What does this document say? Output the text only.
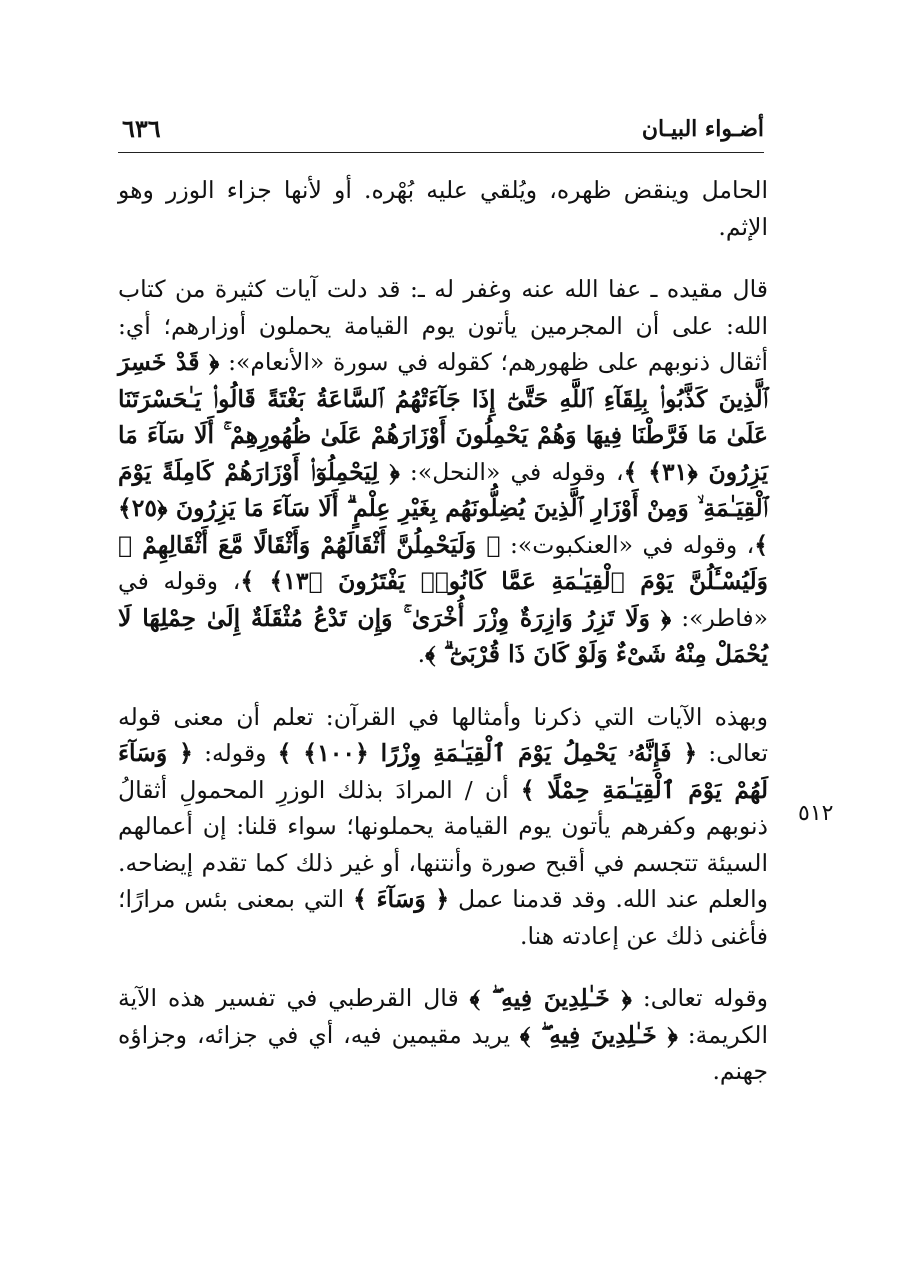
أضـواء البيـان
٦٣٦

الحامل وينقض ظهره، ويُلقي عليه بُهْره. أو لأنها جزاء الوزر وهو الإثم.

قال مقيده ـ عفا الله عنه وغفر له ـ: قد دلت آيات كثيرة من كتاب الله: على أن المجرمين يأتون يوم القيامة يحملون أوزارهم؛ أي: أثقال ذنوبهم على ظهورهم؛ كقوله في سورة «الأنعام»: ﴿ قَدْ خَسِرَ ٱلَّذِينَ كَذَّبُوا۟ بِلِقَآءِ ٱللَّهِ حَتَّىٰٓ إِذَا جَآءَتْهُمُ ٱلسَّاعَةُ بَغْتَةً قَالُوا۟ يَـٰحَسْرَتَنَا عَلَىٰ مَا فَرَّطْنَا فِيهَا وَهُمْ يَحْمِلُونَ أَوْزَارَهُمْ عَلَىٰ ظُهُورِهِمْ ۚ أَلَا سَآءَ مَا يَزِرُونَ ﴿٣١﴾ ﴾، وقوله في «النحل»: ﴿ لِيَحْمِلُوٓا۟ أَوْزَارَهُمْ كَامِلَةً يَوْمَ ٱلْقِيَـٰمَةِ ۙ وَمِنْ أَوْزَارِ ٱلَّذِينَ يُضِلُّونَهُم بِغَيْرِ عِلْمٍ ۗ أَلَا سَآءَ مَا يَزِرُونَ ﴿٢٥﴾ ﴾، وقوله في «العنكبوت»: ﴿ وَلَيَحْمِلُنَّ أَثْقَالَهُمْ وَأَثْقَالًا مَّعَ أَثْقَالِهِمْ ۖ وَلَيُسْـَٔلُنَّ يَوْمَ ٱلْقِيَـٰمَةِ عَمَّا كَانُوا۟ يَفْتَرُونَ ﴿١٣﴾ ﴾، وقوله في «فاطر»: ﴿ وَلَا تَزِرُ وَازِرَةٌ وِزْرَ أُخْرَىٰ ۚ وَإِن تَدْعُ مُثْقَلَةٌ إِلَىٰ حِمْلِهَا لَا يُحْمَلْ مِنْهُ شَىْءٌ وَلَوْ كَانَ ذَا قُرْبَىٰٓ ۗ ﴾.

وبهذه الآيات التي ذكرنا وأمثالها في القرآن: تعلم أن معنى قوله تعالى: ﴿ فَإِنَّهُۥ يَحْمِلُ يَوْمَ ٱلْقِيَـٰمَةِ وِزْرًا ﴿١٠٠﴾ ﴾ وقوله: ﴿ وَسَآءَ لَهُمْ يَوْمَ ٱلْقِيَـٰمَةِ حِمْلًا ﴾ أن / المرادَ بذلك الوزرِ المحمولِ أثقالُ ذنوبهم وكفرهم يأتون يوم القيامة يحملونها؛ سواء قلنا: إن أعمالهم السيئة تتجسم في أقبح صورة وأنتنها، أو غير ذلك كما تقدم إيضاحه. والعلم عند الله. وقد قدمنا عمل ﴿ وَسَآءَ ﴾ التي بمعنى بئس مرارًا؛ فأغنى ذلك عن إعادته هنا.

وقوله تعالى: ﴿ خَـٰلِدِينَ فِيهِ ۖ ﴾ قال القرطبي في تفسير هذه الآية الكريمة: ﴿ خَـٰلِدِينَ فِيهِ ۖ ﴾ يريد مقيمين فيه، أي في جزائه، وجزاؤه جهنم.

٥١٢
